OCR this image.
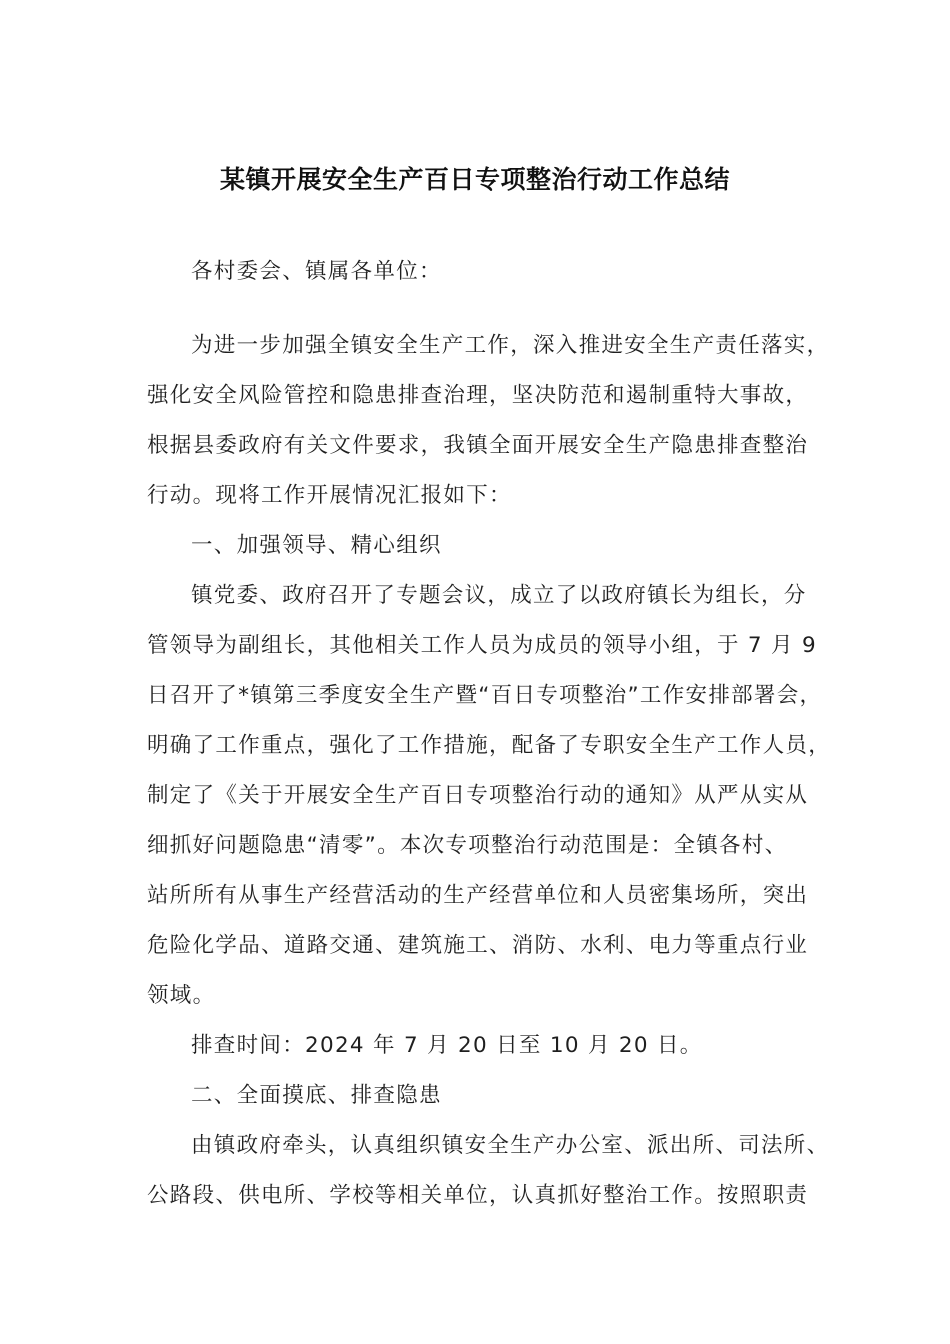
某镇开展安全生产百日专项整治行动工作总结
各村委会、镇属各单位：
为进一步加强全镇安全生产工作，深入推进安全生产责任落实，
强化安全风险管控和隐患排查治理，坚决防范和遏制重特大事故，
根据县委政府有关文件要求，我镇全面开展安全生产隐患排查整治
行动。现将工作开展情况汇报如下：
一、加强领导、精心组织
镇党委、政府召开了专题会议，成立了以政府镇长为组长，分
管领导为副组长，其他相关工作人员为成员的领导小组，于 7 月 9
日召开了*镇第三季度安全生产暨“百日专项整治”工作安排部署会，
明确了工作重点，强化了工作措施，配备了专职安全生产工作人员，
制定了《关于开展安全生产百日专项整治行动的通知》从严从实从
细抓好问题隐患“清零”。本次专项整治行动范围是：全镇各村、
站所所有从事生产经营活动的生产经营单位和人员密集场所，突出
危险化学品、道路交通、建筑施工、消防、水利、电力等重点行业
领域。
排查时间：2024 年 7 月 20 日至 10 月 20 日。
二、全面摸底、排查隐患
由镇政府牵头，认真组织镇安全生产办公室、派出所、司法所、
公路段、供电所、学校等相关单位，认真抓好整治工作。按照职责
